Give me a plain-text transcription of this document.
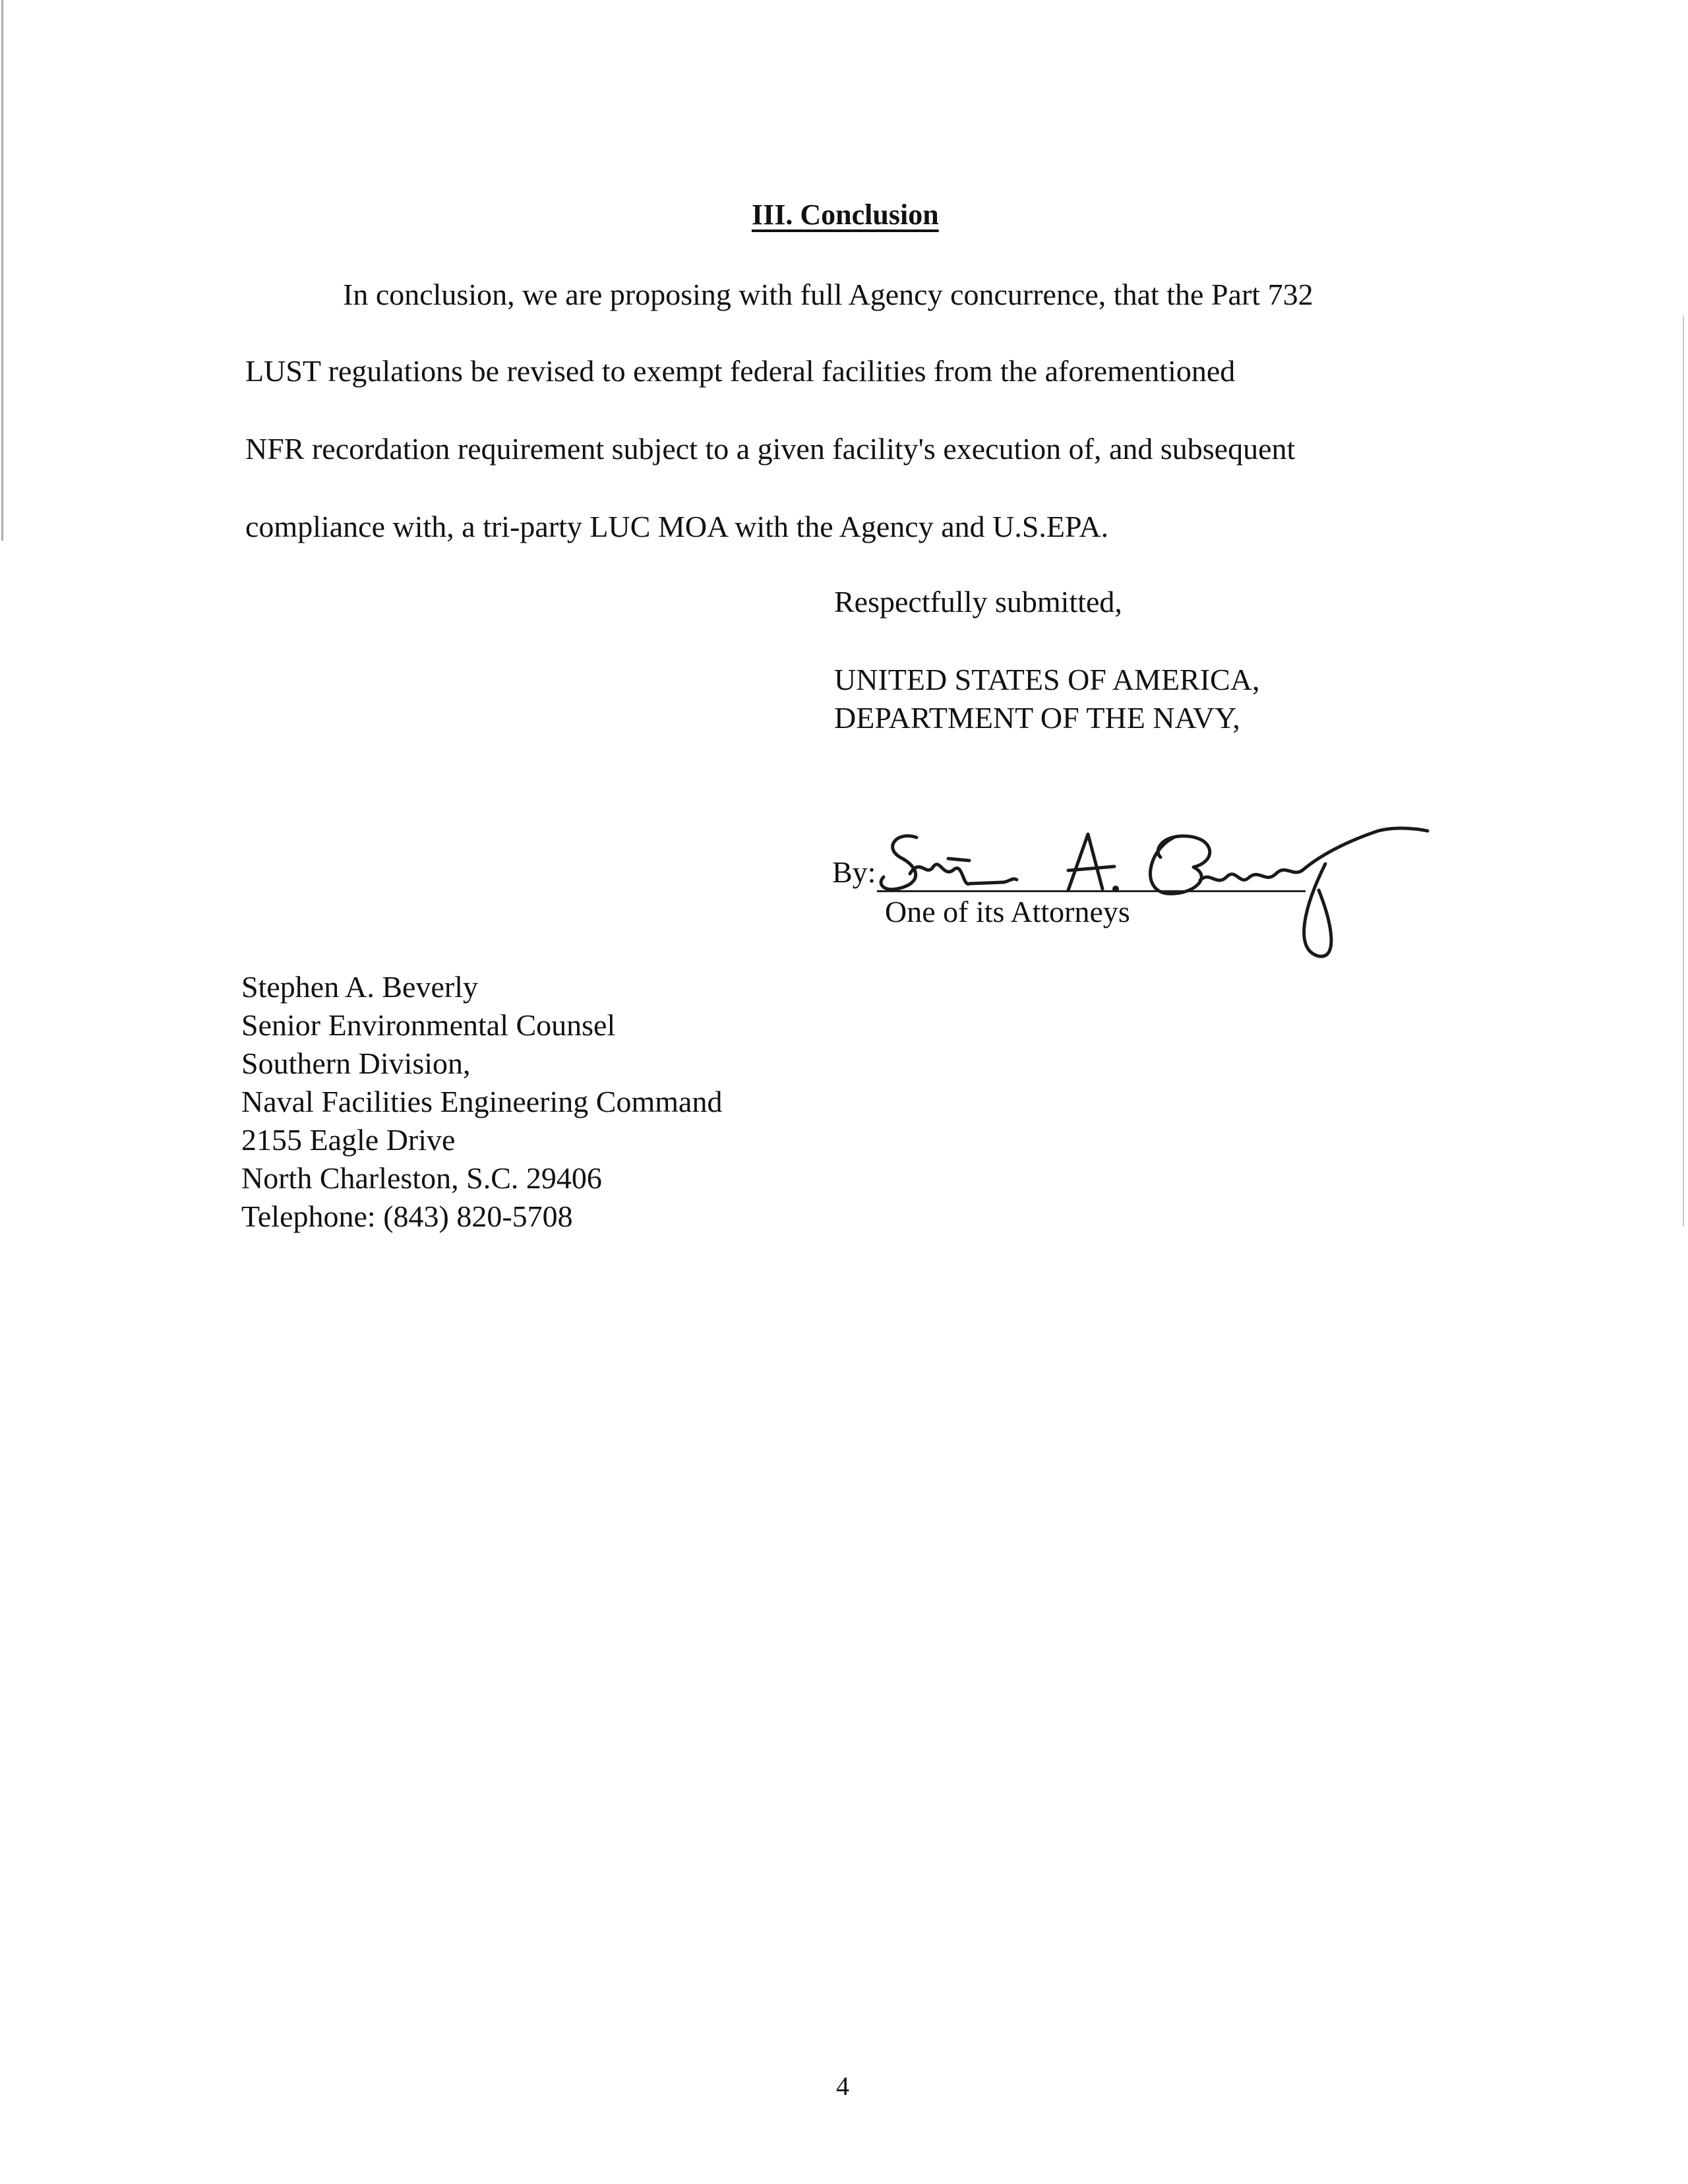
III. Conclusion
In conclusion, we are proposing with full Agency concurrence, that the Part 732
LUST regulations be revised to exempt federal facilities from the aforementioned
NFR recordation requirement subject to a given facility's execution of, and subsequent
compliance with, a tri-party LUC MOA with the Agency and U.S.EPA.
Respectfully submitted,
UNITED STATES OF AMERICA,
DEPARTMENT OF THE NAVY,
By:
One of its Attorneys
Stephen A. Beverly
Senior Environmental Counsel
Southern Division,
Naval Facilities Engineering Command
2155 Eagle Drive
North Charleston, S.C. 29406
Telephone: (843) 820-5708
4
